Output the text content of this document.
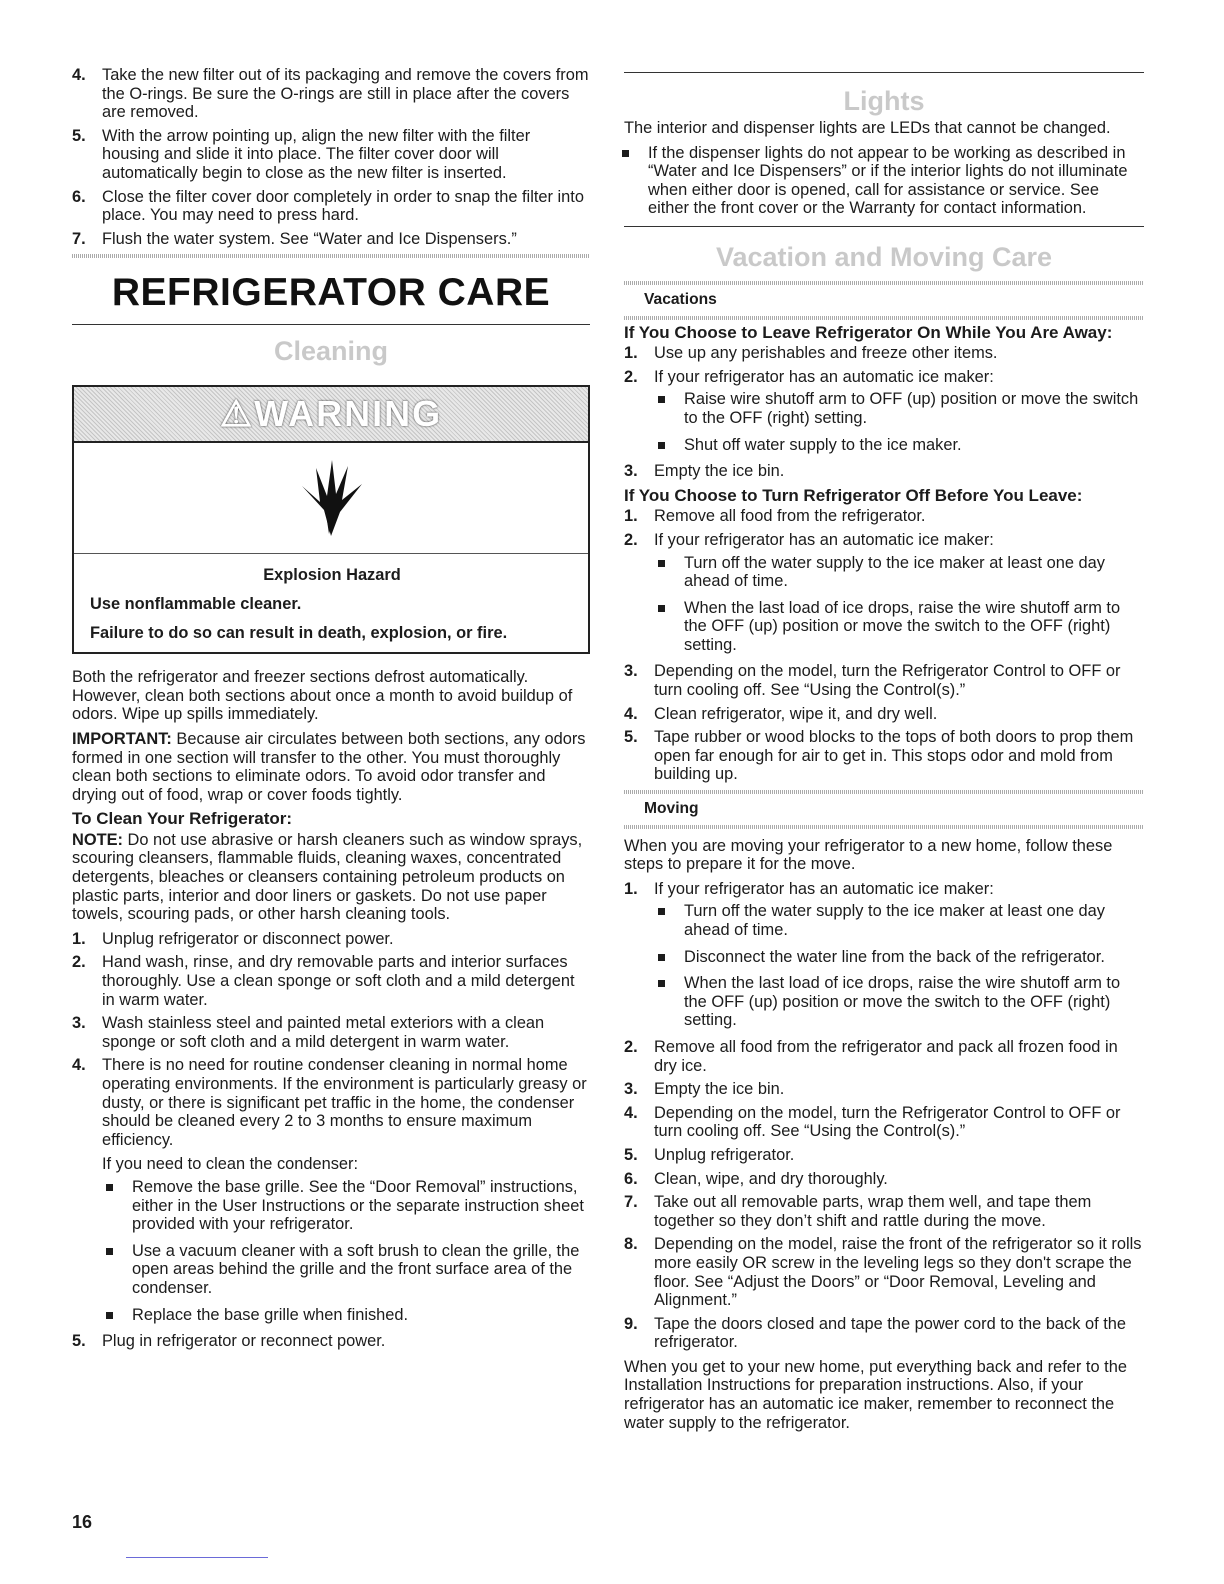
4. Take the new filter out of its packaging and remove the covers from the O-rings. Be sure the O-rings are still in place after the covers are removed.
5. With the arrow pointing up, align the new filter with the filter housing and slide it into place. The filter cover door will automatically begin to close as the new filter is inserted.
6. Close the filter cover door completely in order to snap the filter into place. You may need to press hard.
7. Flush the water system. See “Water and Ice Dispensers.”
REFRIGERATOR CARE
Cleaning
⚠WARNING
Explosion Hazard
Use nonflammable cleaner.
Failure to do so can result in death, explosion, or fire.

Both the refrigerator and freezer sections defrost automatically. However, clean both sections about once a month to avoid buildup of odors. Wipe up spills immediately.

IMPORTANT: Because air circulates between both sections, any odors formed in one section will transfer to the other. You must thoroughly clean both sections to eliminate odors. To avoid odor transfer and drying out of food, wrap or cover foods tightly.

To Clean Your Refrigerator:

NOTE: Do not use abrasive or harsh cleaners such as window sprays, scouring cleansers, flammable fluids, cleaning waxes, concentrated detergents, bleaches or cleansers containing petroleum products on plastic parts, interior and door liners or gaskets. Do not use paper towels, scouring pads, or other harsh cleaning tools.

1. Unplug refrigerator or disconnect power.
2. Hand wash, rinse, and dry removable parts and interior surfaces thoroughly. Use a clean sponge or soft cloth and a mild detergent in warm water.
3. Wash stainless steel and painted metal exteriors with a clean sponge or soft cloth and a mild detergent in warm water.
4. There is no need for routine condenser cleaning in normal home operating environments. If the environment is particularly greasy or dusty, or there is significant pet traffic in the home, the condenser should be cleaned every 2 to 3 months to ensure maximum efficiency.
If you need to clean the condenser:
Remove the base grille. See the “Door Removal” instructions, either in the User Instructions or the separate instruction sheet provided with your refrigerator.
Use a vacuum cleaner with a soft brush to clean the grille, the open areas behind the grille and the front surface area of the condenser.
Replace the base grille when finished.
5. Plug in refrigerator or reconnect power.
Lights

The interior and dispenser lights are LEDs that cannot be changed.

If the dispenser lights do not appear to be working as described in “Water and Ice Dispensers” or if the interior lights do not illuminate when either door is opened, call for assistance or service. See either the front cover or the Warranty for contact information.
Vacation and Moving Care
Vacations
If You Choose to Leave Refrigerator On While You Are Away:
1. Use up any perishables and freeze other items.
2. If your refrigerator has an automatic ice maker:
Raise wire shutoff arm to OFF (up) position or move the switch to the OFF (right) setting.
Shut off water supply to the ice maker.
3. Empty the ice bin.
If You Choose to Turn Refrigerator Off Before You Leave:
1. Remove all food from the refrigerator.
2. If your refrigerator has an automatic ice maker:
Turn off the water supply to the ice maker at least one day ahead of time.
When the last load of ice drops, raise the wire shutoff arm to the OFF (up) position or move the switch to the OFF (right) setting.
3. Depending on the model, turn the Refrigerator Control to OFF or turn cooling off. See “Using the Control(s).”
4. Clean refrigerator, wipe it, and dry well.
5. Tape rubber or wood blocks to the tops of both doors to prop them open far enough for air to get in. This stops odor and mold from building up.
Moving

When you are moving your refrigerator to a new home, follow these steps to prepare it for the move.

1. If your refrigerator has an automatic ice maker:
Turn off the water supply to the ice maker at least one day ahead of time.
Disconnect the water line from the back of the refrigerator.
When the last load of ice drops, raise the wire shutoff arm to the OFF (up) position or move the switch to the OFF (right) setting.
2. Remove all food from the refrigerator and pack all frozen food in dry ice.
3. Empty the ice bin.
4. Depending on the model, turn the Refrigerator Control to OFF or turn cooling off. See “Using the Control(s).”
5. Unplug refrigerator.
6. Clean, wipe, and dry thoroughly.
7. Take out all removable parts, wrap them well, and tape them together so they don’t shift and rattle during the move.
8. Depending on the model, raise the front of the refrigerator so it rolls more easily OR screw in the leveling legs so they don't scrape the floor. See “Adjust the Doors” or “Door Removal, Leveling and Alignment.”
9. Tape the doors closed and tape the power cord to the back of the refrigerator.

When you get to your new home, put everything back and refer to the Installation Instructions for preparation instructions. Also, if your refrigerator has an automatic ice maker, remember to reconnect the water supply to the refrigerator.

16
